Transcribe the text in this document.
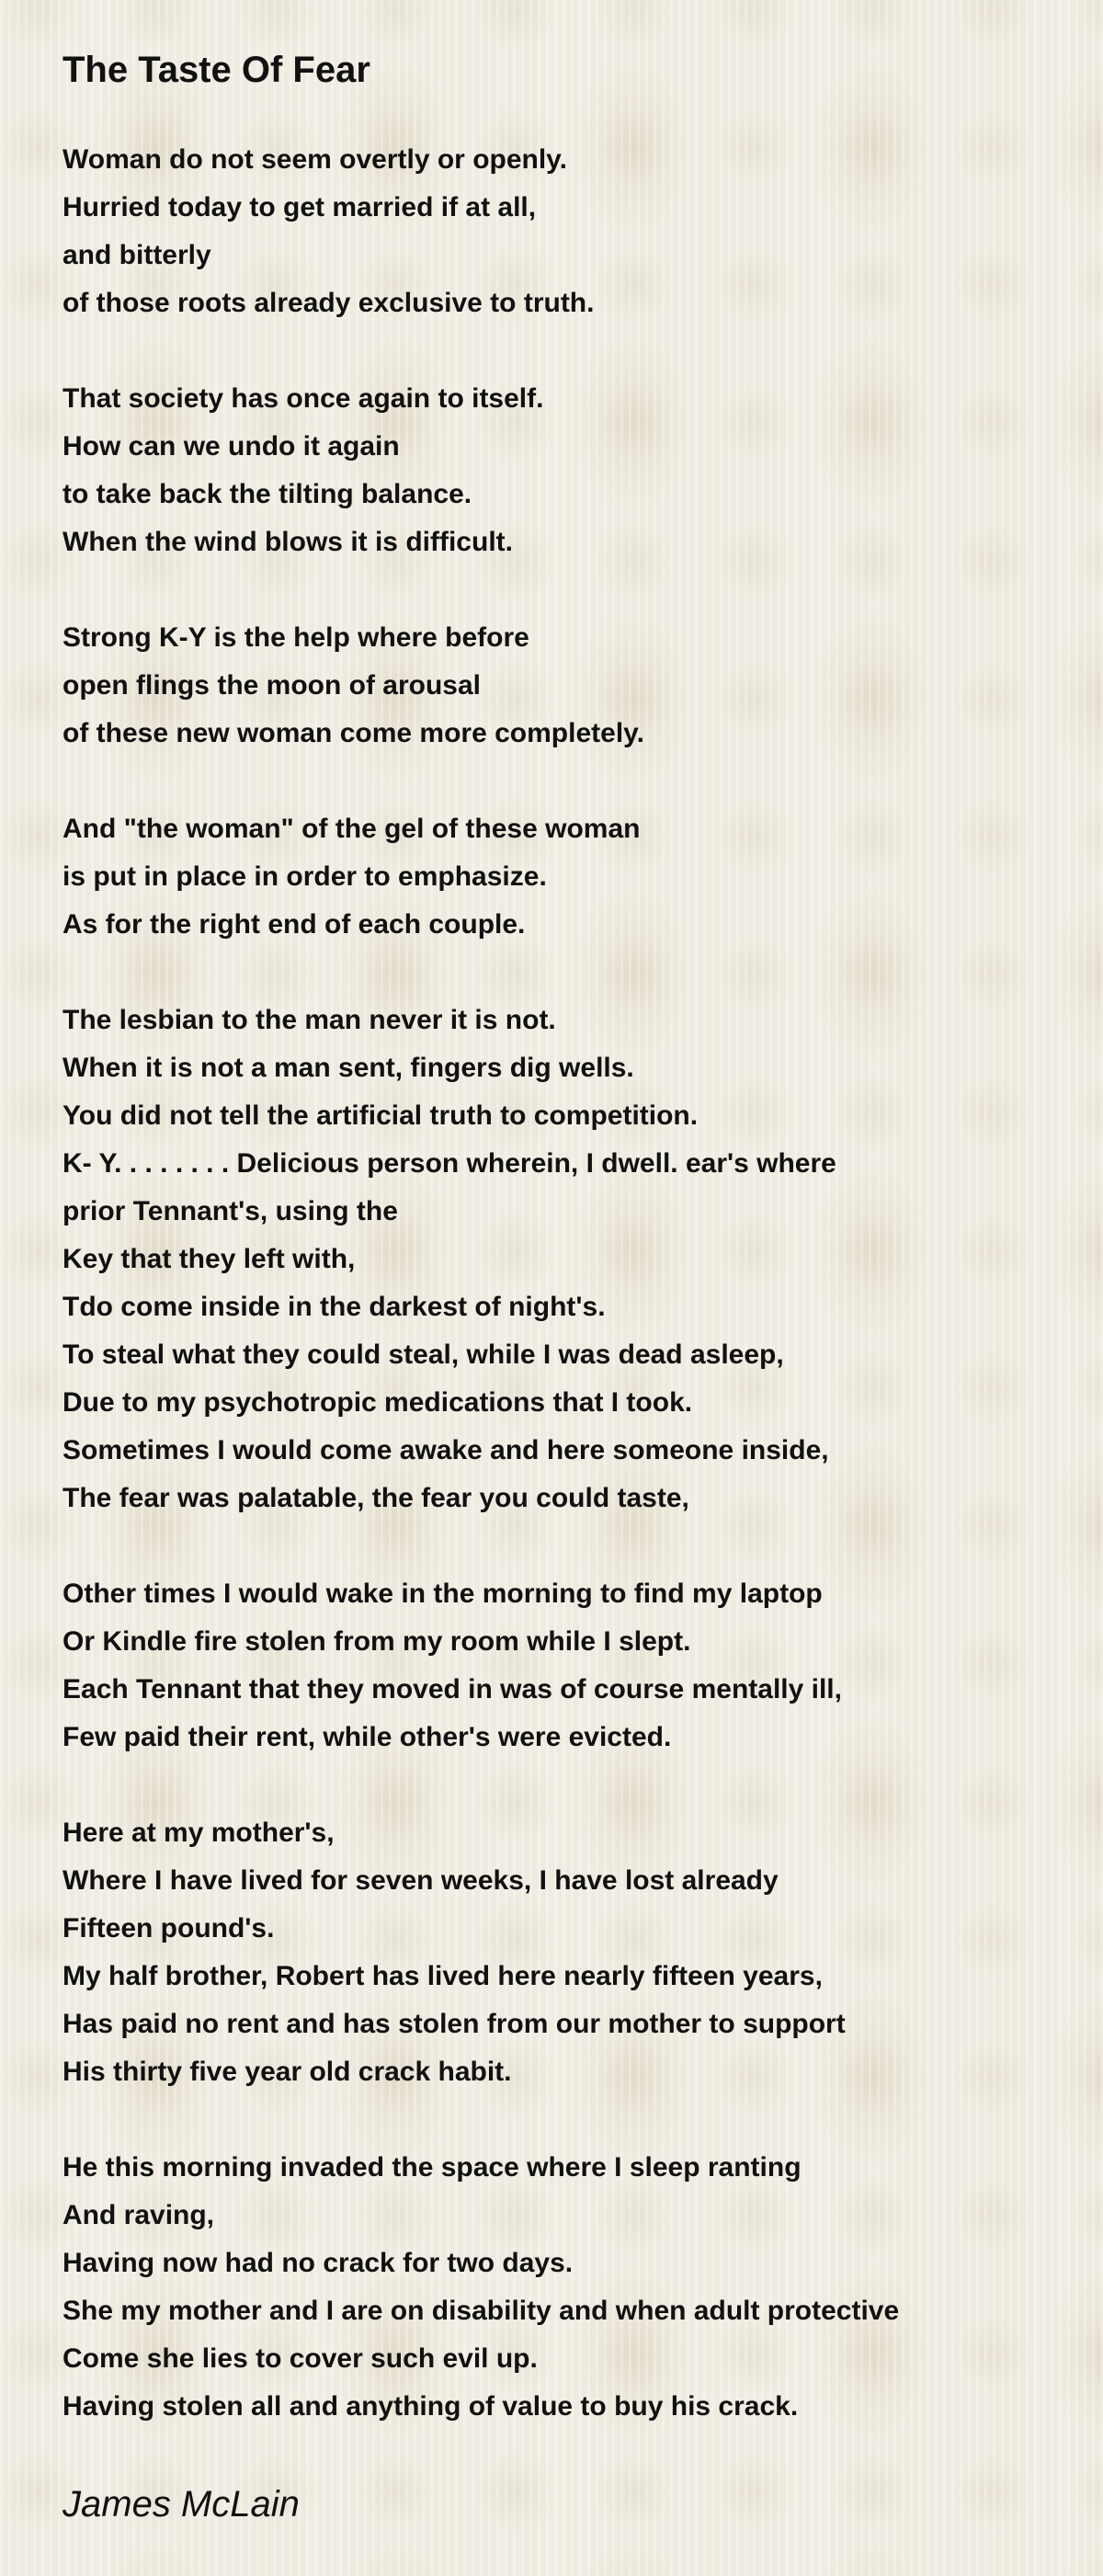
The Taste Of Fear
Woman do not seem overtly or openly.
Hurried today to get married if at all,
and bitterly
of those roots already exclusive to truth.
That society has once again to itself.
How can we undo it again
to take back the tilting balance.
When the wind blows it is difficult.
Strong K-Y is the help where before
open flings the moon of arousal
of these new woman come more completely.
And "the woman" of the gel of these woman
is put in place in order to emphasize.
As for the right end of each couple.
The lesbian to the man never it is not.
When it is not a man sent, fingers dig wells.
You did not tell the artificial truth to competition.
K- Y. . . . . . . . Delicious person wherein, I dwell. ear's where
prior Tennant's, using the
Key that they left with,
Tdo come inside in the darkest of night's.
To steal what they could steal, while I was dead asleep,
Due to my psychotropic medications that I took.
Sometimes I would come awake and here someone inside,
The fear was palatable, the fear you could taste,
Other times I would wake in the morning to find my laptop
Or Kindle fire stolen from my room while I slept.
Each Tennant that they moved in was of course mentally ill,
Few paid their rent, while other's were evicted.
Here at my mother's,
Where I have lived for seven weeks, I have lost already
Fifteen pound's.
My half brother, Robert has lived here nearly fifteen years,
Has paid no rent and has stolen from our mother to support
His thirty five year old crack habit.
He this morning invaded the space where I sleep ranting
And raving,
Having now had no crack for two days.
She my mother and I are on disability and when adult protective
Come she lies to cover such evil up.
Having stolen all and anything of value to buy his crack.
James McLain
